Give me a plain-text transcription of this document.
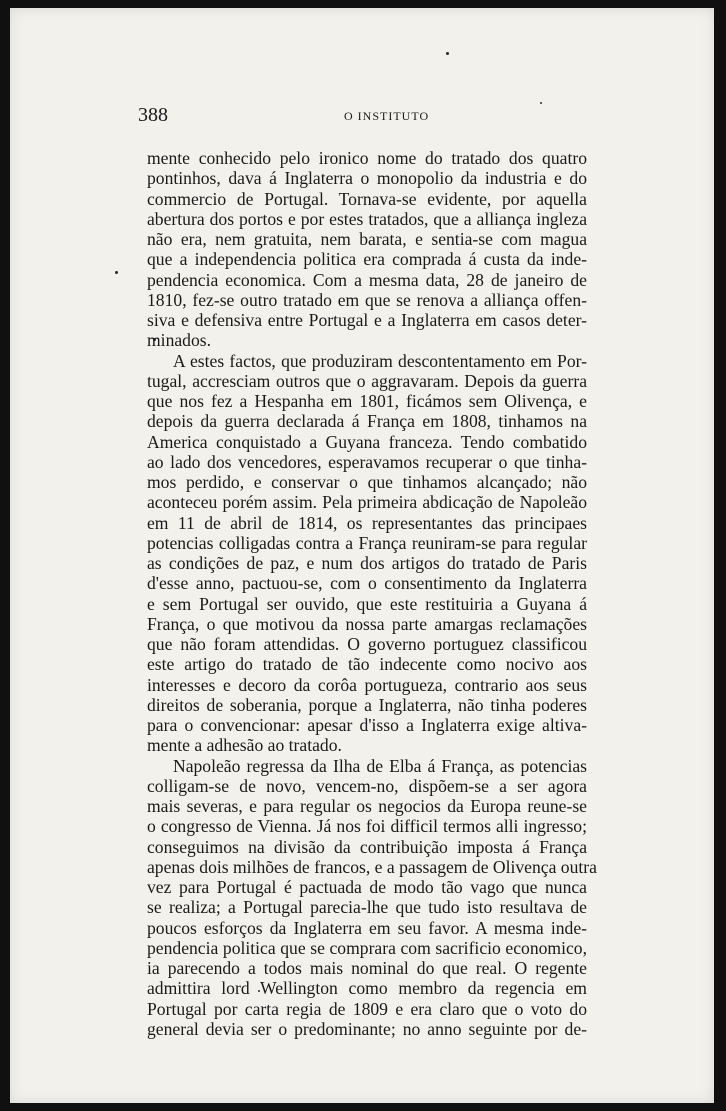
388	O INSTITUTO
mente conhecido pelo ironico nome do tratado dos quatro
pontinhos, dava á Inglaterra o monopolio da industria e do
commercio de Portugal. Tornava-se evidente, por aquella
abertura dos portos e por estes tratados, que a alliança ingleza
não era, nem gratuita, nem barata, e sentia-se com magua
que a independencia politica era comprada á custa da inde-
pendencia economica. Com a mesma data, 28 de janeiro de
1810, fez-se outro tratado em que se renova a alliança offen-
siva e defensiva entre Portugal e a Inglaterra em casos deter-
minados.
A estes factos, que produziram descontentamento em Por-
tugal, accresciam outros que o aggravaram. Depois da guerra
que nos fez a Hespanha em 1801, ficámos sem Olivença, e
depois da guerra declarada á França em 1808, tinhamos na
America conquistado a Guyana franceza. Tendo combatido
ao lado dos vencedores, esperavamos recuperar o que tinha-
mos perdido, e conservar o que tinhamos alcançado; não
aconteceu porém assim. Pela primeira abdicação de Napoleão
em 11 de abril de 1814, os representantes das principaes
potencias colligadas contra a França reuniram-se para regular
as condições de paz, e num dos artigos do tratado de Paris
d'esse anno, pactuou-se, com o consentimento da Inglaterra
e sem Portugal ser ouvido, que este restituiria a Guyana á
França, o que motivou da nossa parte amargas reclamações
que não foram attendidas. O governo portuguez classificou
este artigo do tratado de tão indecente como nocivo aos
interesses e decoro da corôa portugueza, contrario aos seus
direitos de soberania, porque a Inglaterra, não tinha poderes
para o convencionar: apesar d'isso a Inglaterra exige altiva-
mente a adhesão ao tratado.
Napoleão regressa da Ilha de Elba á França, as potencias
colligam-se de novo, vencem-no, dispõem-se a ser agora
mais severas, e para regular os negocios da Europa reune-se
o congresso de Vienna. Já nos foi difficil termos alli ingresso;
conseguimos na divisão da contribuição imposta á França
apenas dois milhões de francos, e a passagem de Olivença outra
vez para Portugal é pactuada de modo tão vago que nunca
se realiza; a Portugal parecia-lhe que tudo isto resultava de
poucos esforços da Inglaterra em seu favor. A mesma inde-
pendencia politica que se comprara com sacrificio economico,
ia parecendo a todos mais nominal do que real. O regente
admittira lord Wellington como membro da regencia em
Portugal por carta regia de 1809 e era claro que o voto do
general devia ser o predominante; no anno seguinte por de-
